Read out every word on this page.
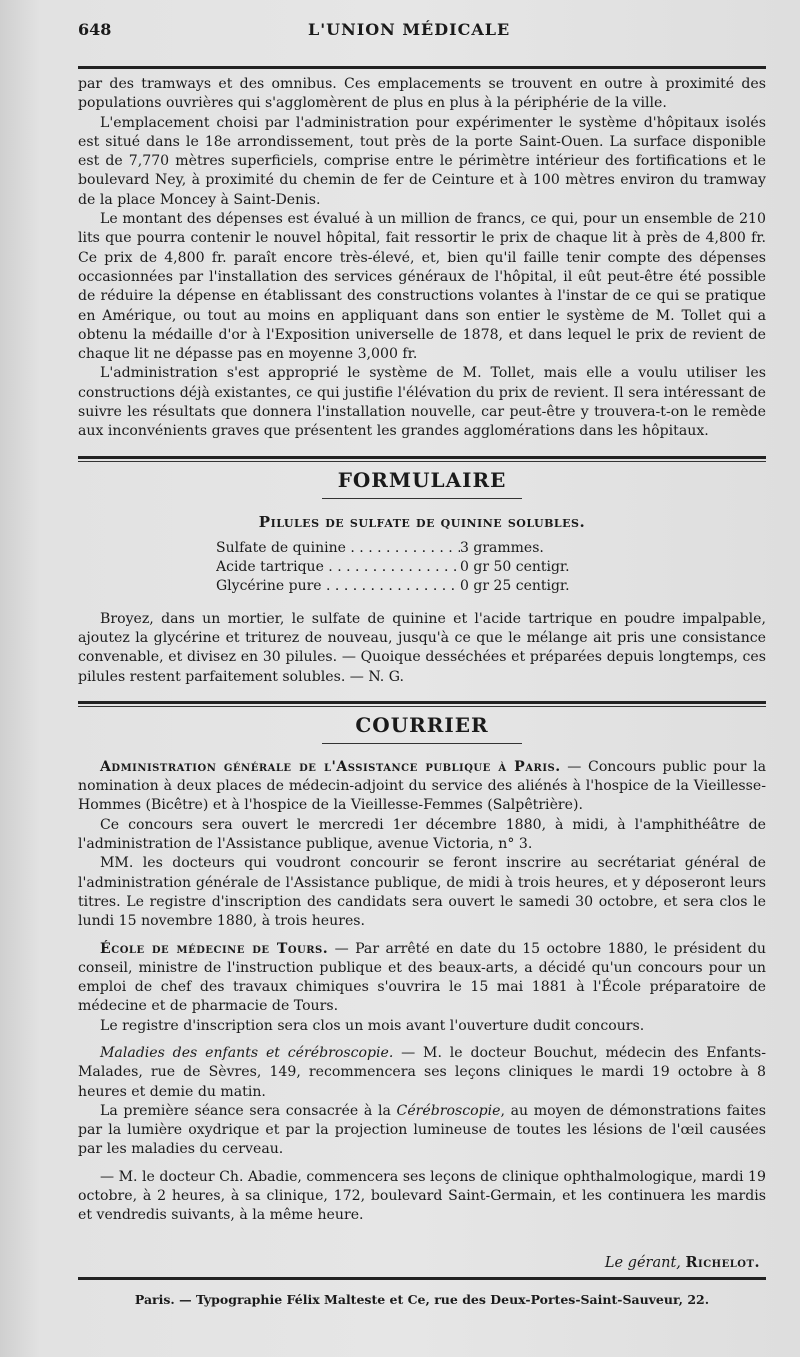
648	L'UNION MÉDICALE

par des tramways et des omnibus. Ces emplacements se trouvent en outre à proximité des populations ouvrières qui s'agglomèrent de plus en plus à la périphérie de la ville.

L'emplacement choisi par l'administration pour expérimenter le système d'hôpitaux isolés est situé dans le 18e arrondissement, tout près de la porte Saint-Ouen. La surface disponible est de 7,770 mètres superficiels, comprise entre le périmètre intérieur des fortifications et le boulevard Ney, à proximité du chemin de fer de Ceinture et à 100 mètres environ du tramway de la place Moncey à Saint-Denis.

Le montant des dépenses est évalué à un million de francs, ce qui, pour un ensemble de 210 lits que pourra contenir le nouvel hôpital, fait ressortir le prix de chaque lit à près de 4,800 fr. Ce prix de 4,800 fr. paraît encore très-élevé, et, bien qu'il faille tenir compte des dépenses occasionnées par l'installation des services généraux de l'hôpital, il eût peut-être été possible de réduire la dépense en établissant des constructions volantes à l'instar de ce qui se pratique en Amérique, ou tout au moins en appliquant dans son entier le système de M. Tollet qui a obtenu la médaille d'or à l'Exposition universelle de 1878, et dans lequel le prix de revient de chaque lit ne dépasse pas en moyenne 3,000 fr.

L'administration s'est approprié le système de M. Tollet, mais elle a voulu utiliser les constructions déjà existantes, ce qui justifie l'élévation du prix de revient. Il sera intéressant de suivre les résultats que donnera l'installation nouvelle, car peut-être y trouvera-t-on le remède aux inconvénients graves que présentent les grandes agglomérations dans les hôpitaux.

FORMULAIRE
Pilules de sulfate de quinine solubles.
Sulfate de quinine . . .	3 grammes.
Acide tartrique . . .	0 gr 50 centigr.
Glycérine pure . . .	0 gr 25 centigr.

Broyez, dans un mortier, le sulfate de quinine et l'acide tartrique en poudre impalpable, ajoutez la glycérine et triturez de nouveau, jusqu'à ce que le mélange ait pris une consistance convenable, et divisez en 30 pilules. — Quoique desséchées et préparées depuis longtemps, ces pilules restent parfaitement solubles. — N. G.

COURRIER

Administration générale de l'Assistance publique à Paris. — Concours public pour la nomination à deux places de médecin-adjoint du service des aliénés à l'hospice de la Vieillesse-Hommes (Bicêtre) et à l'hospice de la Vieillesse-Femmes (Salpêtrière).

Ce concours sera ouvert le mercredi 1er décembre 1880, à midi, à l'amphithéâtre de l'administration de l'Assistance publique, avenue Victoria, n° 3.

MM. les docteurs qui voudront concourir se feront inscrire au secrétariat général de l'administration générale de l'Assistance publique, de midi à trois heures, et y déposeront leurs titres. Le registre d'inscription des candidats sera ouvert le samedi 30 octobre, et sera clos le lundi 15 novembre 1880, à trois heures.

École de médecine de Tours. — Par arrêté en date du 15 octobre 1880, le président du conseil, ministre de l'instruction publique et des beaux-arts, a décidé qu'un concours pour un emploi de chef des travaux chimiques s'ouvrira le 15 mai 1881 à l'École préparatoire de médecine et de pharmacie de Tours.

Le registre d'inscription sera clos un mois avant l'ouverture dudit concours.

Maladies des enfants et cérébroscopie. — M. le docteur Bouchut, médecin des Enfants-Malades, rue de Sèvres, 149, recommencera ses leçons cliniques le mardi 19 octobre à 8 heures et demie du matin.

La première séance sera consacrée à la Cérébroscopie, au moyen de démonstrations faites par la lumière oxydrique et par la projection lumineuse de toutes les lésions de l'œil causées par les maladies du cerveau.

— M. le docteur Ch. Abadie, commencera ses leçons de clinique ophthalmologique, mardi 19 octobre, à 2 heures, à sa clinique, 172, boulevard Saint-Germain, et les continuera les mardis et vendredis suivants, à la même heure.

Le gérant, Richelot.
Paris. — Typographie Félix Malteste et Ce, rue des Deux-Portes-Saint-Sauveur, 22.
